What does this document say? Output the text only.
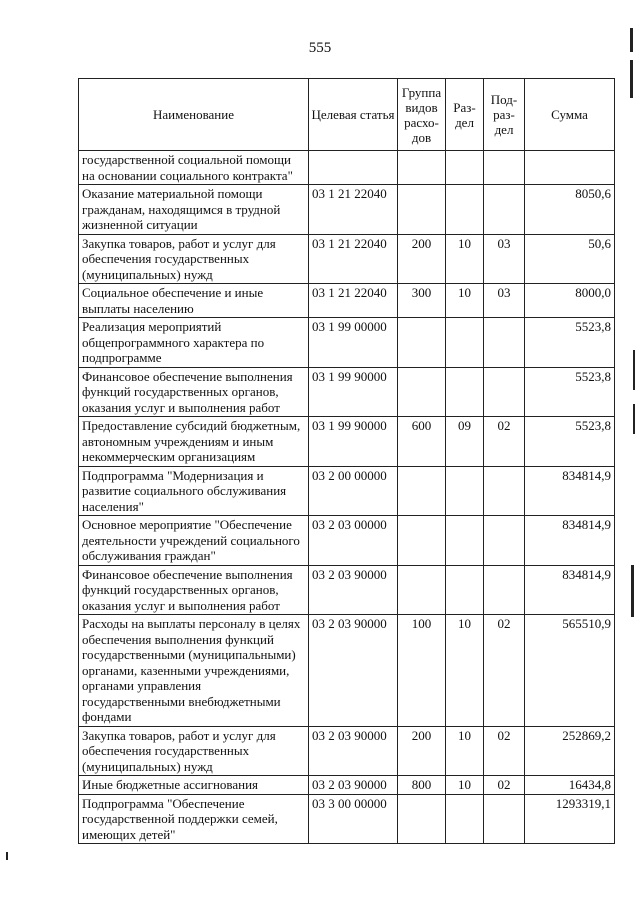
555
Наименование	Целевая статья	Группа видов расхо-дов	Раз-дел	Под-раз-дел	Сумма
государственной социальной помощи на основании социального контракта"					
Оказание материальной помощи гражданам, находящимся в трудной жизненной ситуации	03 1 21 22040				8050,6
Закупка товаров, работ и услуг для обеспечения государственных (муниципальных) нужд	03 1 21 22040	200	10	03	50,6
Социальное обеспечение и иные выплаты населению	03 1 21 22040	300	10	03	8000,0
Реализация мероприятий общепрограммного характера по подпрограмме	03 1 99 00000				5523,8
Финансовое обеспечение выполнения функций государственных органов, оказания услуг и выполнения работ	03 1 99 90000				5523,8
Предоставление субсидий бюджетным, автономным учреждениям и иным некоммерческим организациям	03 1 99 90000	600	09	02	5523,8
Подпрограмма "Модернизация и развитие социального обслуживания населения"	03 2 00 00000				834814,9
Основное мероприятие "Обеспечение деятельности учреждений социального обслуживания граждан"	03 2 03 00000				834814,9
Финансовое обеспечение выполнения функций государственных органов, оказания услуг и выполнения работ	03 2 03 90000				834814,9
Расходы на выплаты персоналу в целях обеспечения выполнения функций государственными (муниципальными) органами, казенными учреждениями, органами управления государственными внебюджетными фондами	03 2 03 90000	100	10	02	565510,9
Закупка товаров, работ и услуг для обеспечения государственных (муниципальных) нужд	03 2 03 90000	200	10	02	252869,2
Иные бюджетные ассигнования	03 2 03 90000	800	10	02	16434,8
Подпрограмма "Обеспечение государственной поддержки семей, имеющих детей"	03 3 00 00000				1293319,1
